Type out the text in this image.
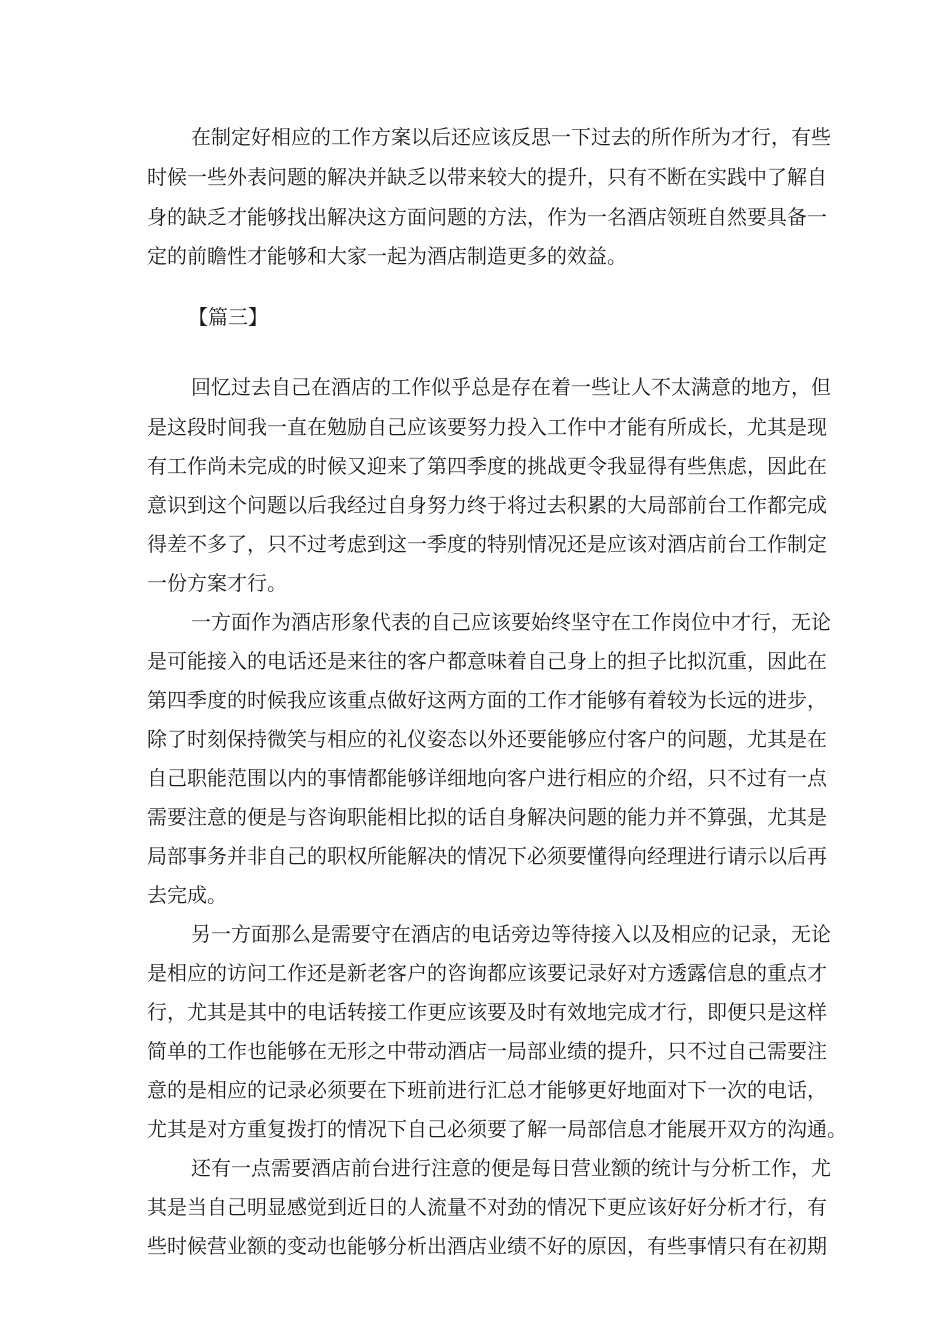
在制定好相应的工作方案以后还应该反思一下过去的所作所为才行，有些
时候一些外表问题的解决并缺乏以带来较大的提升，只有不断在实践中了解自
身的缺乏才能够找出解决这方面问题的方法，作为一名酒店领班自然要具备一
定的前瞻性才能够和大家一起为酒店制造更多的效益。
【篇三】
回忆过去自己在酒店的工作似乎总是存在着一些让人不太满意的地方，但
是这段时间我一直在勉励自己应该要努力投入工作中才能有所成长，尤其是现
有工作尚未完成的时候又迎来了第四季度的挑战更令我显得有些焦虑，因此在
意识到这个问题以后我经过自身努力终于将过去积累的大局部前台工作都完成
得差不多了，只不过考虑到这一季度的特别情况还是应该对酒店前台工作制定
一份方案才行。
一方面作为酒店形象代表的自己应该要始终坚守在工作岗位中才行，无论
是可能接入的电话还是来往的客户都意味着自己身上的担子比拟沉重，因此在
第四季度的时候我应该重点做好这两方面的工作才能够有着较为长远的进步，
除了时刻保持微笑与相应的礼仪姿态以外还要能够应付客户的问题，尤其是在
自己职能范围以内的事情都能够详细地向客户进行相应的介绍，只不过有一点
需要注意的便是与咨询职能相比拟的话自身解决问题的能力并不算强，尤其是
局部事务并非自己的职权所能解决的情况下必须要懂得向经理进行请示以后再
去完成。
另一方面那么是需要守在酒店的电话旁边等待接入以及相应的记录，无论
是相应的访问工作还是新老客户的咨询都应该要记录好对方透露信息的重点才
行，尤其是其中的电话转接工作更应该要及时有效地完成才行，即便只是这样
简单的工作也能够在无形之中带动酒店一局部业绩的提升，只不过自己需要注
意的是相应的记录必须要在下班前进行汇总才能够更好地面对下一次的电话，
尤其是对方重复拨打的情况下自己必须要了解一局部信息才能展开双方的沟通。
还有一点需要酒店前台进行注意的便是每日营业额的统计与分析工作，尤
其是当自己明显感觉到近日的人流量不对劲的情况下更应该好好分析才行，有
些时候营业额的变动也能够分析出酒店业绩不好的原因，有些事情只有在初期
